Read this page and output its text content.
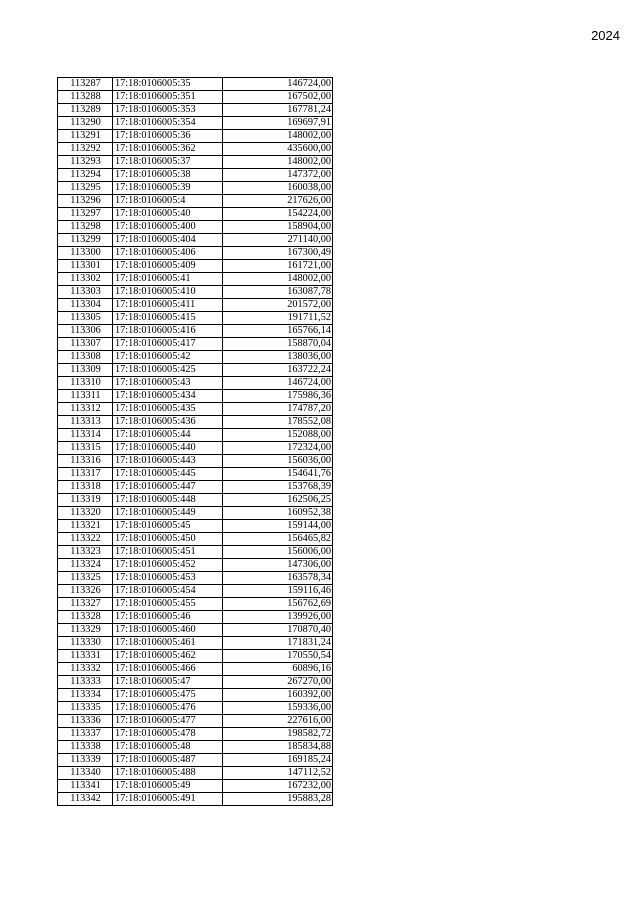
2024
113287	17:18:0106005:35	146724,00
113288	17:18:0106005:351	167502,00
113289	17:18:0106005:353	167781,24
113290	17:18:0106005:354	169697,91
113291	17:18:0106005:36	148002,00
113292	17:18:0106005:362	435600,00
113293	17:18:0106005:37	148002,00
113294	17:18:0106005:38	147372,00
113295	17:18:0106005:39	160038,00
113296	17:18:0106005:4	217626,00
113297	17:18:0106005:40	154224,00
113298	17:18:0106005:400	158904,00
113299	17:18:0106005:404	271140,00
113300	17:18:0106005:406	167300,49
113301	17:18:0106005:409	161721,00
113302	17:18:0106005:41	148002,00
113303	17:18:0106005:410	163087,78
113304	17:18:0106005:411	201572,00
113305	17:18:0106005:415	191711,52
113306	17:18:0106005:416	165766,14
113307	17:18:0106005:417	158870,04
113308	17:18:0106005:42	138036,00
113309	17:18:0106005:425	163722,24
113310	17:18:0106005:43	146724,00
113311	17:18:0106005:434	175986,36
113312	17:18:0106005:435	174787,20
113313	17:18:0106005:436	178552,08
113314	17:18:0106005:44	152088,00
113315	17:18:0106005:440	172324,00
113316	17:18:0106005:443	156036,00
113317	17:18:0106005:445	154641,76
113318	17:18:0106005:447	153768,39
113319	17:18:0106005:448	162506,25
113320	17:18:0106005:449	160952,38
113321	17:18:0106005:45	159144,00
113322	17:18:0106005:450	156465,82
113323	17:18:0106005:451	156006,00
113324	17:18:0106005:452	147306,00
113325	17:18:0106005:453	163578,34
113326	17:18:0106005:454	159116,46
113327	17:18:0106005:455	156762,69
113328	17:18:0106005:46	139926,00
113329	17:18:0106005:460	170870,40
113330	17:18:0106005:461	171831,24
113331	17:18:0106005:462	170550,54
113332	17:18:0106005:466	60896,16
113333	17:18:0106005:47	267270,00
113334	17:18:0106005:475	160392,00
113335	17:18:0106005:476	159336,00
113336	17:18:0106005:477	227616,00
113337	17:18:0106005:478	198582,72
113338	17:18:0106005:48	185834,88
113339	17:18:0106005:487	169185,24
113340	17:18:0106005:488	147112,52
113341	17:18:0106005:49	167232,00
113342	17:18:0106005:491	195883,28
